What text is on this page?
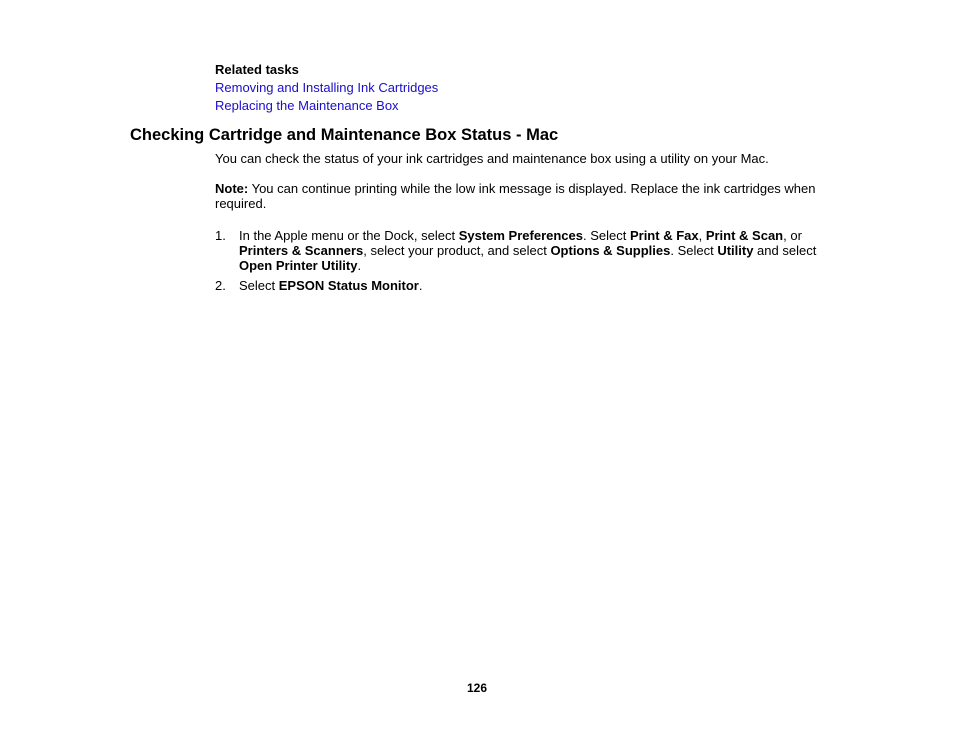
Related tasks
Removing and Installing Ink Cartridges
Replacing the Maintenance Box
Checking Cartridge and Maintenance Box Status - Mac
You can check the status of your ink cartridges and maintenance box using a utility on your Mac.
Note: You can continue printing while the low ink message is displayed. Replace the ink cartridges when required.
1. In the Apple menu or the Dock, select System Preferences. Select Print & Fax, Print & Scan, or Printers & Scanners, select your product, and select Options & Supplies. Select Utility and select Open Printer Utility.
2. Select EPSON Status Monitor.
126
